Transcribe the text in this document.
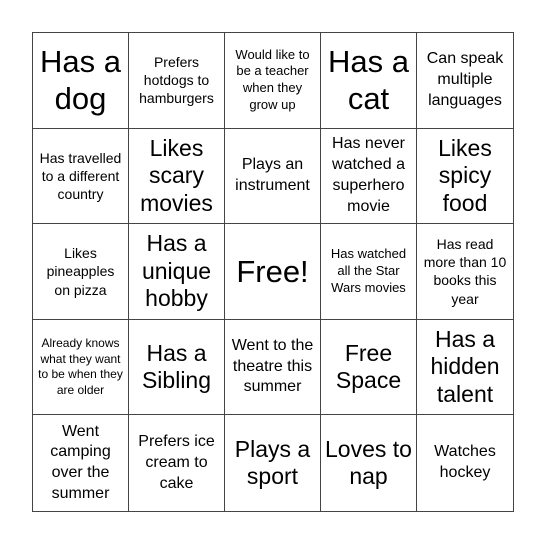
Has a dog
Prefers hotdogs to hamburgers
Would like to be a teacher when they grow up
Has a cat
Can speak multiple languages
Has travelled to a different country
Likes scary movies
Plays an instrument
Has never watched a superhero movie
Likes spicy food
Likes pineapples on pizza
Has a unique hobby
Free!
Has watched all the Star Wars movies
Has read more than 10 books this year
Already knows what they want to be when they are older
Has a Sibling
Went to the theatre this summer
Free Space
Has a hidden talent
Went camping over the summer
Prefers ice cream to cake
Plays a sport
Loves to nap
Watches hockey
